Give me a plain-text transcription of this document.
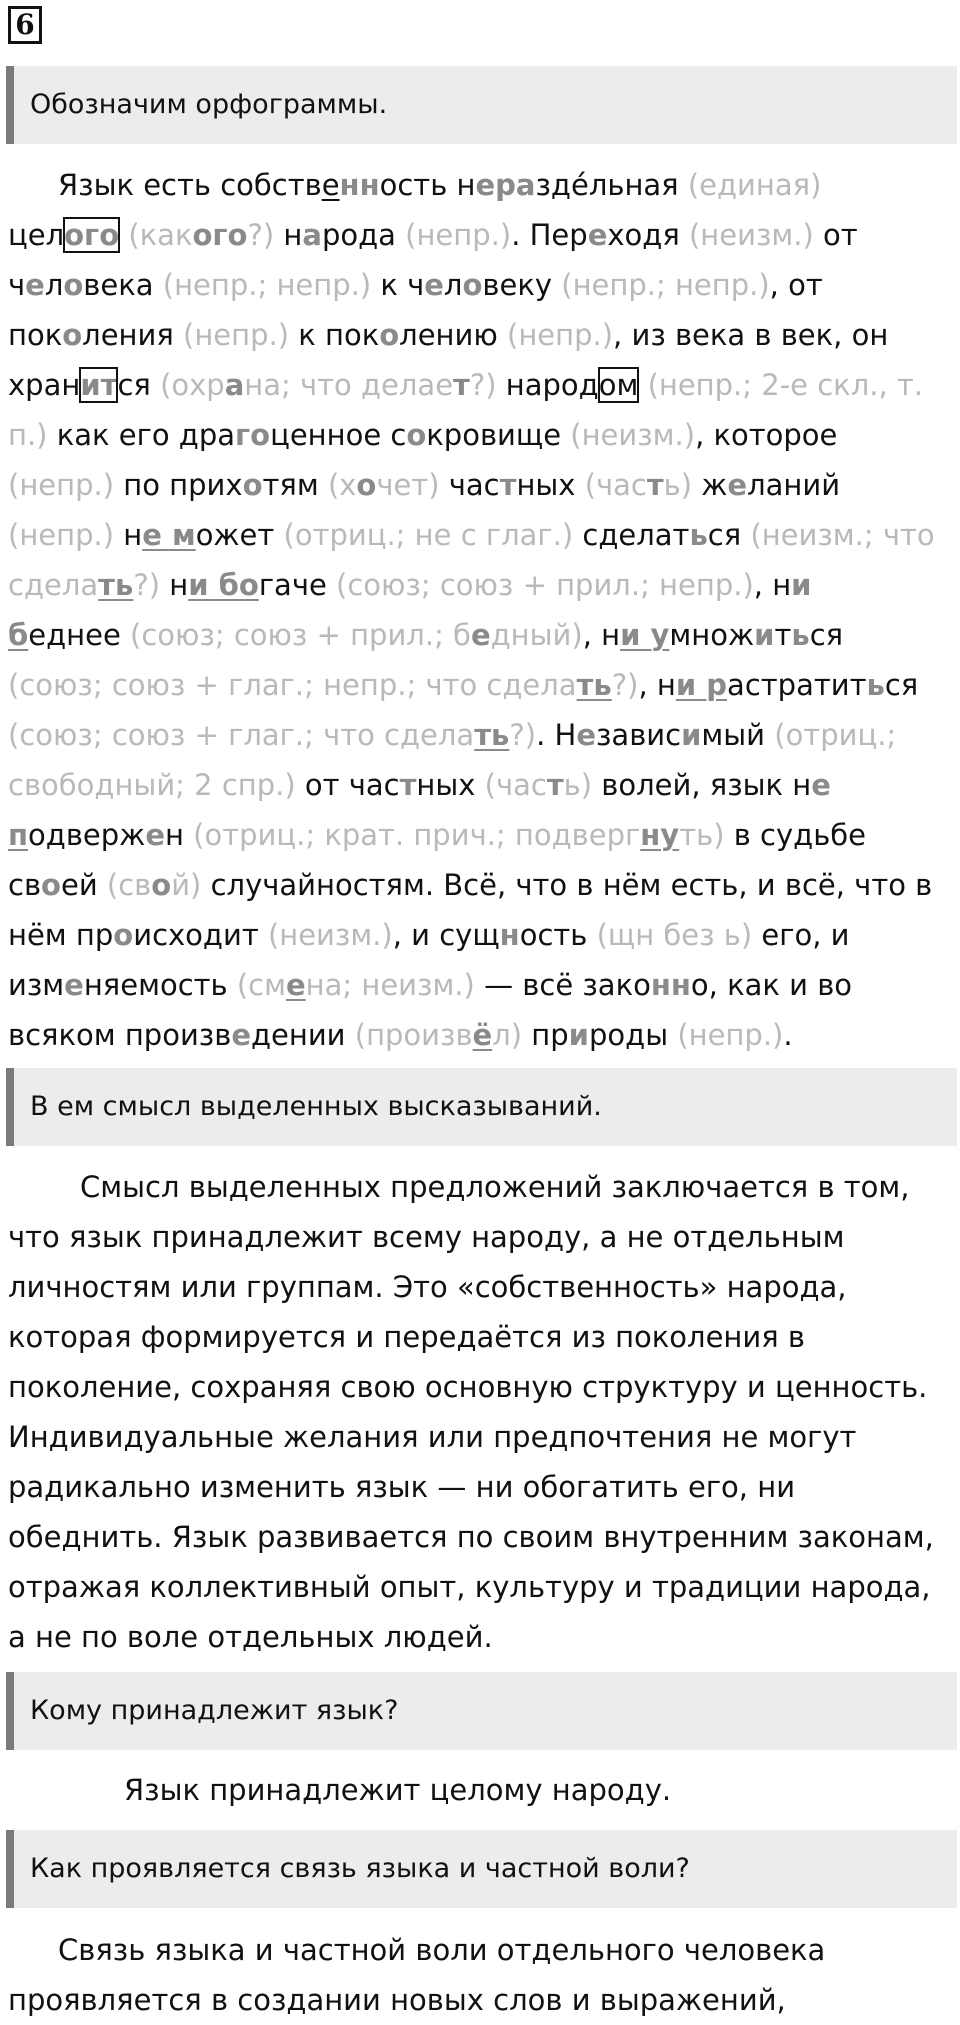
6
Обозначим орфограммы.

Язык есть собственность неразде́льная (единая)
целого (какого?) народа (непр.). Переходя (неизм.) от
человека (непр.; непр.) к человеку (непр.; непр.), от
поколения (непр.) к поколению (непр.), из века в век, он
хранится (охрана; что делает?) народом (непр.; 2-е скл., т.
п.) как его драгоценное сокровище (неизм.), которое
(непр.) по прихотям (хочет) частных (часть) желаний
(непр.) не может (отриц.; не с глаг.) сделаться (неизм.; что
сделать?) ни богаче (союз; союз + прил.; непр.), ни
беднее (союз; союз + прил.; бедный), ни умножиться
(союз; союз + глаг.; непр.; что сделать?), ни растратиться
(союз; союз + глаг.; что сделать?). Независимый (отриц.;
свободный; 2 спр.) от частных (часть) волей, язык не
подвержен (отриц.; крат. прич.; подвергнуть) в судьбе
своей (свой) случайностям. Всё, что в нём есть, и всё, что в
нём происходит (неизм.), и сущность (щн без ь) его, и
изменяемость (смена; неизм.) — всё законно, как и во
всяком произведении (произвёл) природы (непр.).

В ем смысл выделенных высказываний.

Смысл выделенных предложений заключается в том, что язык принадлежит всему народу, а не отдельным личностям или группам. Это «собственность» народа, которая формируется и передаётся из поколения в поколение, сохраняя свою основную структуру и ценность. Индивидуальные желания или предпочтения не могут радикально изменить язык — ни обогатить его, ни обеднить. Язык развивается по своим внутренним законам, отражая коллективный опыт, культуру и традиции народа, а не по воле отдельных людей.

Кому принадлежит язык?

Язык принадлежит целому народу.

Как проявляется связь языка и частной воли?

Связь языка и частной воли отдельного человека проявляется в создании новых слов и выражений,
